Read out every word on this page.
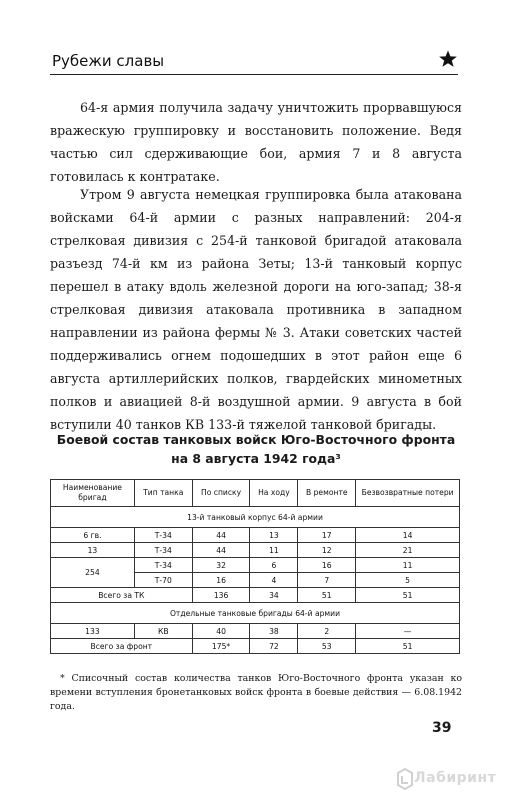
Рубежи славы

64-я армия получила задачу уничтожить прорвавшуюся вражескую группировку и восстановить положение. Ведя частью сил сдерживающие бои, армия 7 и 8 августа готовилась к контратаке.

Утром 9 августа немецкая группировка была атакована войсками 64-й армии с разных направлений: 204-я стрелковая дивизия с 254-й танковой бригадой атаковала разъезд 74-й км из района Зеты; 13-й танковый корпус перешел в атаку вдоль железной дороги на юго-запад; 38-я стрелковая дивизия атаковала противника в западном направлении из района фермы № 3. Атаки советских частей поддерживались огнем подошедших в этот район еще 6 августа артиллерийских полков, гвардейских минометных полков и авиацией 8-й воздушной армии. 9 августа в бой вступили 40 танков КВ 133-й тяжелой танковой бригады.

Боевой состав танковых войск Юго-Восточного фронта
на 8 августа 1942 года³
Наименование бригад	Тип танка	По списку	На ходу	В ремонте	Безвозвратные потери
13-й танковый корпус 64-й армии					
6 гв.	Т-34	44	13	17	14
13	Т-34	44	11	12	21
254	Т-34	32	6	16	11
	Т-70	16	4	7	5
Всего за ТК		136	34	51	51
Отдельные танковые бригады 64-й армии					
133	КВ	40	38	2	—
Всего за фронт		175*	72	53	51

* Списочный состав количества танков Юго-Восточного фронта указан ко времени вступления бронетанковых войск фронта в боевые действия — 6.08.1942 года.

39
Лабиринт
